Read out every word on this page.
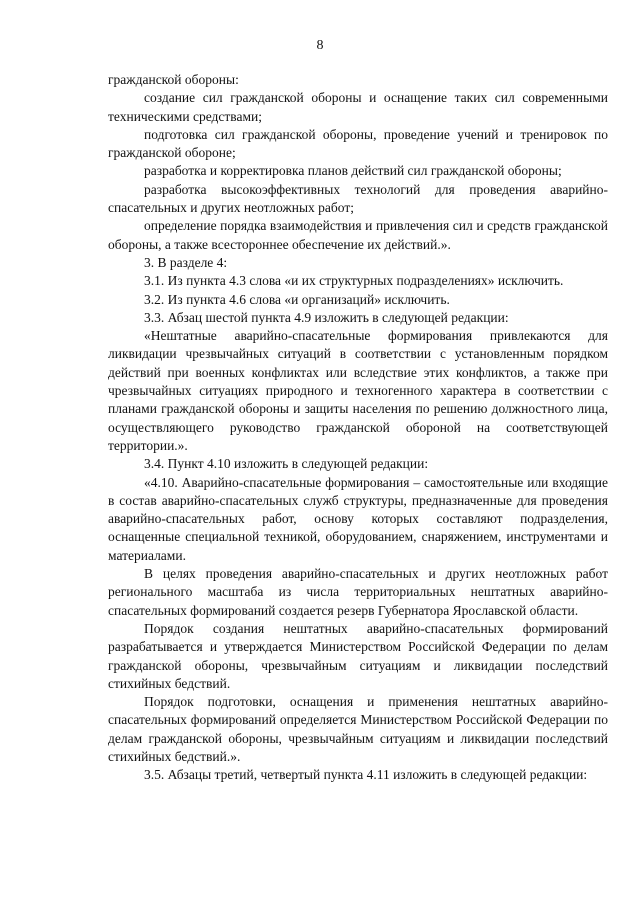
8

гражданской обороны:

создание сил гражданской обороны и оснащение таких сил современными техническими средствами;

подготовка сил гражданской обороны, проведение учений и тренировок по гражданской обороне;

разработка и корректировка планов действий сил гражданской обороны;

разработка высокоэффективных технологий для проведения аварийно-спасательных и других неотложных работ;

определение порядка взаимодействия и привлечения сил и средств гражданской обороны, а также всестороннее обеспечение их действий.».

3. В разделе 4:

3.1. Из пункта 4.3 слова «и их структурных подразделениях» исключить.

3.2. Из пункта 4.6 слова «и организаций» исключить.

3.3. Абзац шестой пункта 4.9 изложить в следующей редакции:

«Нештатные аварийно-спасательные формирования привлекаются для ликвидации чрезвычайных ситуаций в соответствии с установленным порядком действий при военных конфликтах или вследствие этих конфликтов, а также при чрезвычайных ситуациях природного и техногенного характера в соответствии с планами гражданской обороны и защиты населения по решению должностного лица, осуществляющего руководство гражданской обороной на соответствующей территории.».

3.4. Пункт 4.10 изложить в следующей редакции:

«4.10. Аварийно-спасательные формирования – самостоятельные или входящие в состав аварийно-спасательных служб структуры, предназначенные для проведения аварийно-спасательных работ, основу которых составляют подразделения, оснащенные специальной техникой, оборудованием, снаряжением, инструментами и материалами.

В целях проведения аварийно-спасательных и других неотложных работ регионального масштаба из числа территориальных нештатных аварийно-спасательных формирований создается резерв Губернатора Ярославской области.

Порядок создания нештатных аварийно-спасательных формирований разрабатывается и утверждается Министерством Российской Федерации по делам гражданской обороны, чрезвычайным ситуациям и ликвидации последствий стихийных бедствий.

Порядок подготовки, оснащения и применения нештатных аварийно-спасательных формирований определяется Министерством Российской Федерации по делам гражданской обороны, чрезвычайным ситуациям и ликвидации последствий стихийных бедствий.».

3.5. Абзацы третий, четвертый пункта 4.11 изложить в следующей редакции:
